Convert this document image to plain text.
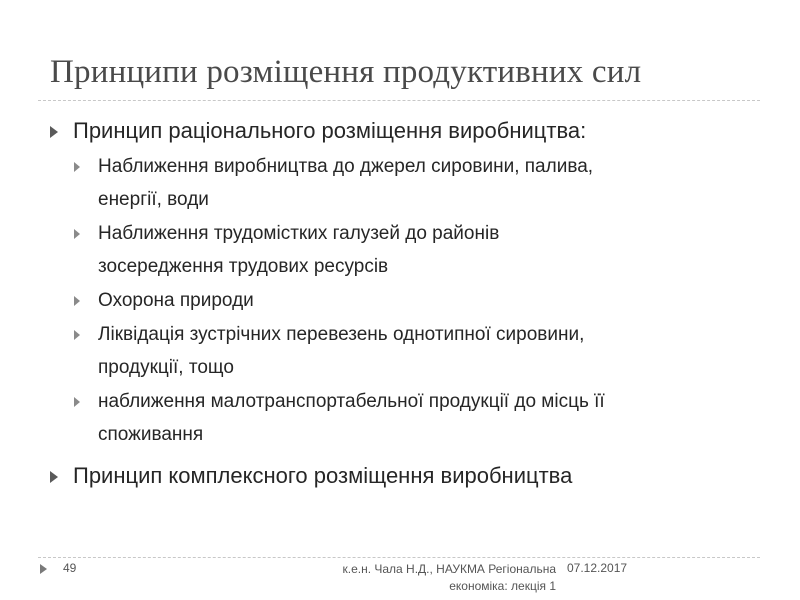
Принципи розміщення продуктивних сил
Принцип раціонального розміщення виробництва:
Наближення виробництва до джерел сировини, палива,
енергії, води
Наближення трудомістких галузей до районів
зосередження трудових ресурсів
Охорона природи
Ліквідація зустрічних перевезень однотипної сировини,
продукції, тощо
наближення малотранспортабельної продукції до місць її
споживання
Принцип комплексного розміщення виробництва
49	к.е.н. Чала Н.Д., НАУКМА Регіональна
економіка: лекція 1
07.12.2017
